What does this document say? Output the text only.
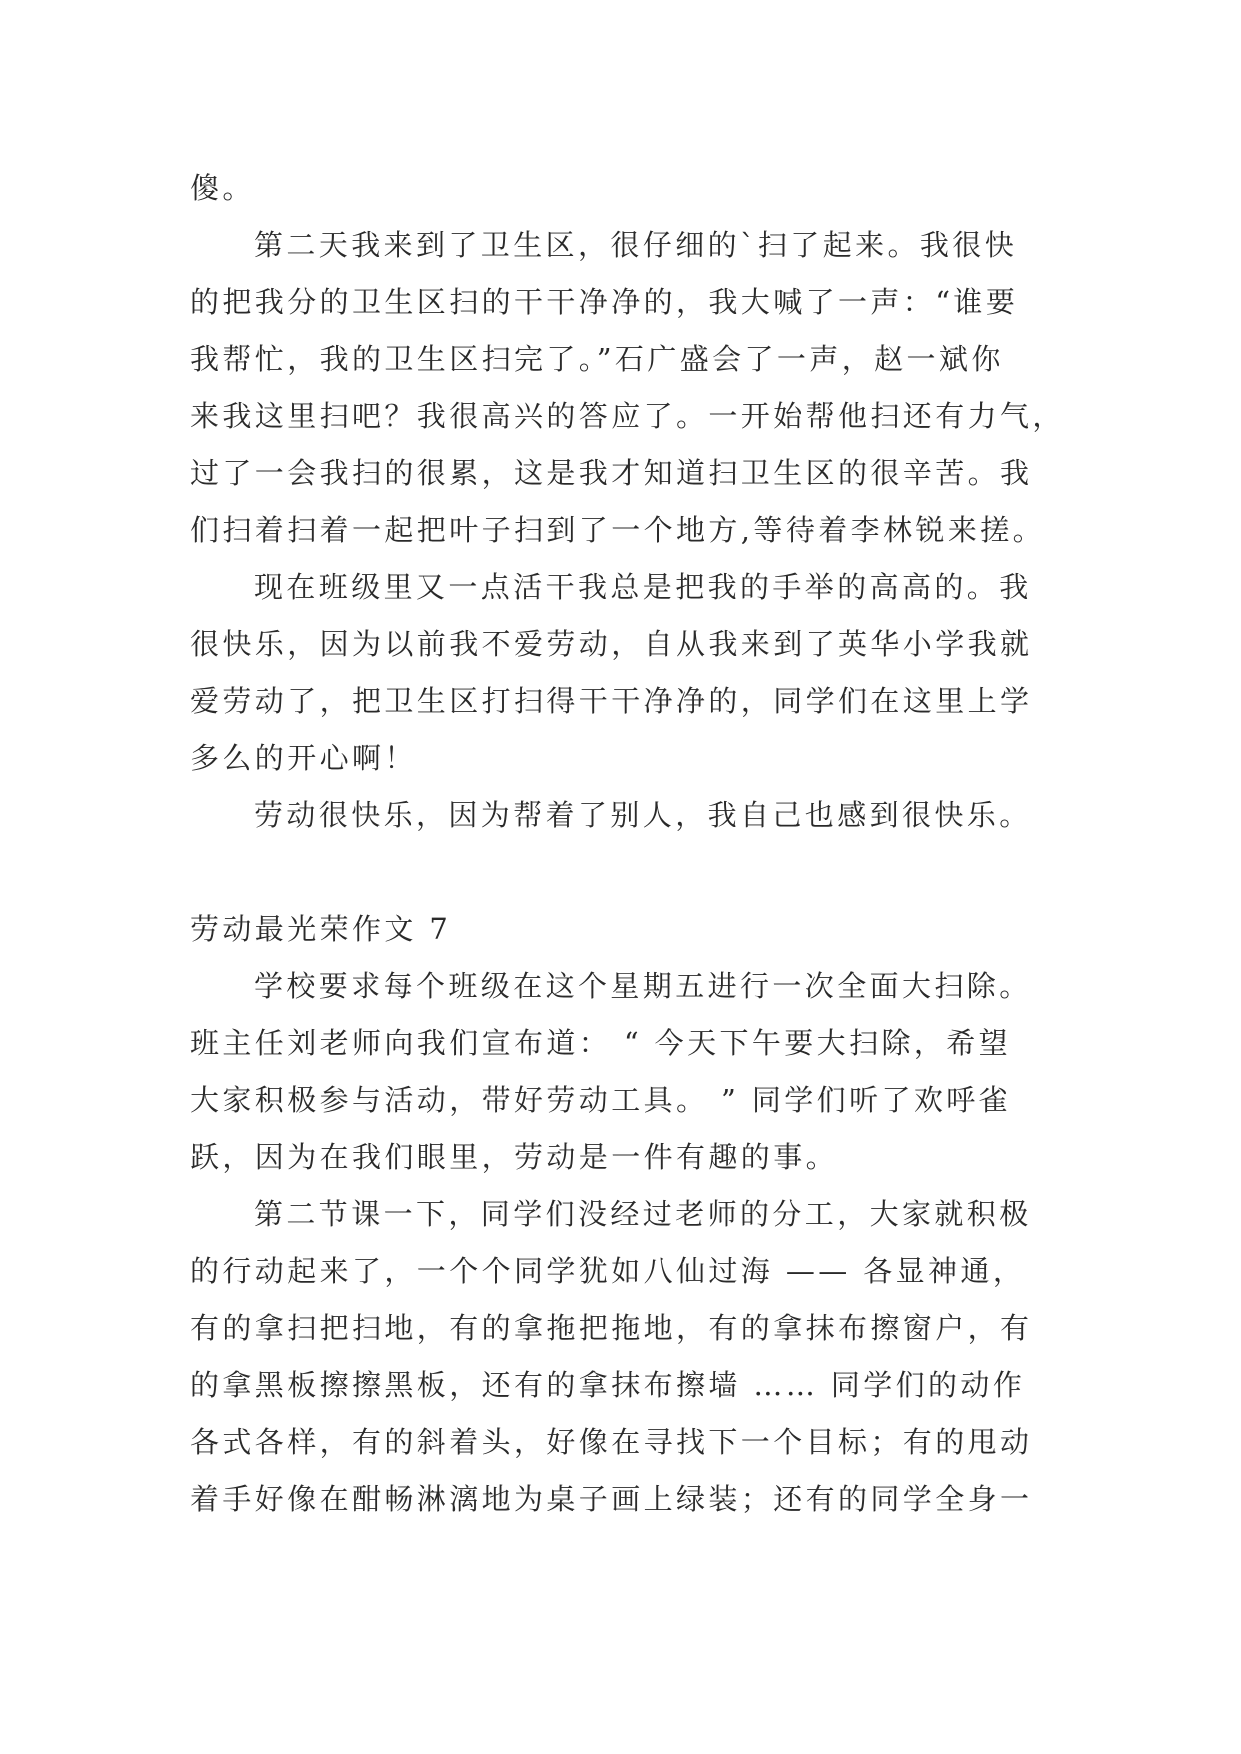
傻。
第二天我来到了卫生区，很仔细的`扫了起来。我很快
的把我分的卫生区扫的干干净净的，我大喊了一声：“谁要
我帮忙，我的卫生区扫完了。”石广盛会了一声，赵一斌你
来我这里扫吧？我很高兴的答应了。一开始帮他扫还有力气，
过了一会我扫的很累，这是我才知道扫卫生区的很辛苦。我
们扫着扫着一起把叶子扫到了一个地方,等待着李林锐来搓。
现在班级里又一点活干我总是把我的手举的高高的。我
很快乐，因为以前我不爱劳动，自从我来到了英华小学我就
爱劳动了，把卫生区打扫得干干净净的，同学们在这里上学
多么的开心啊！
劳动很快乐，因为帮着了别人，我自己也感到很快乐。
劳动最光荣作文 7
学校要求每个班级在这个星期五进行一次全面大扫除。
班主任刘老师向我们宣布道： “ 今天下午要大扫除，希望
大家积极参与活动，带好劳动工具。 ” 同学们听了欢呼雀
跃，因为在我们眼里，劳动是一件有趣的事。
第二节课一下，同学们没经过老师的分工，大家就积极
的行动起来了，一个个同学犹如八仙过海 —— 各显神通，
有的拿扫把扫地，有的拿拖把拖地，有的拿抹布擦窗户，有
的拿黑板擦擦黑板，还有的拿抹布擦墙 …… 同学们的动作
各式各样，有的斜着头，好像在寻找下一个目标；有的甩动
着手好像在酣畅淋漓地为桌子画上绿装；还有的同学全身一
